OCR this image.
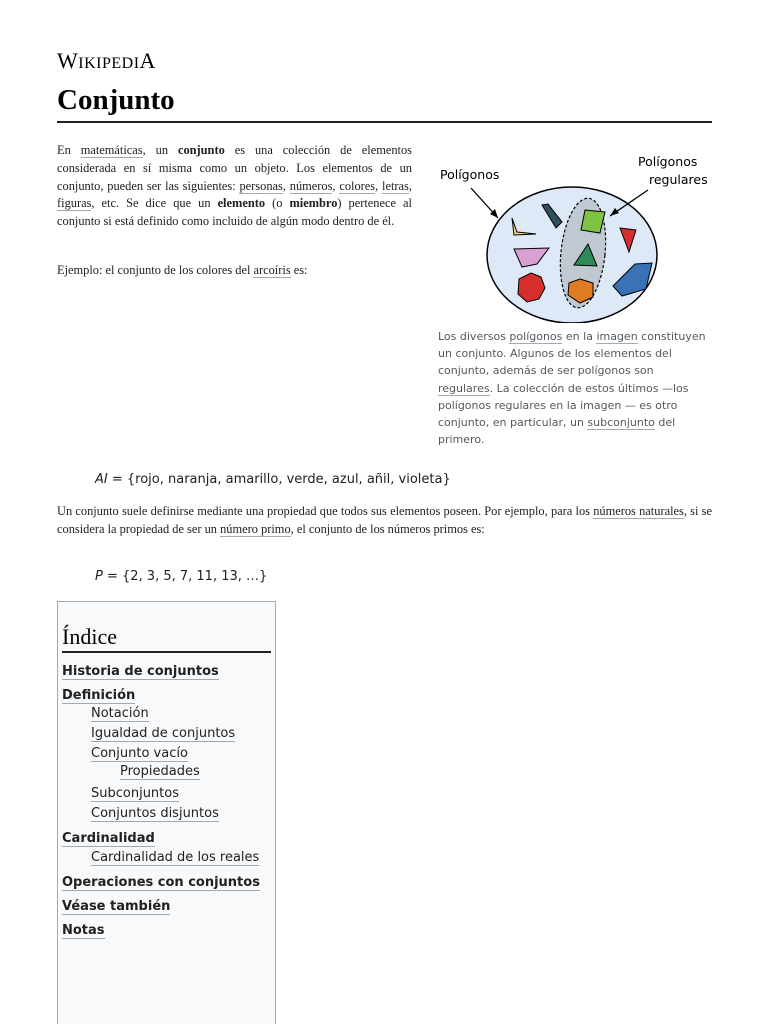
WIKIPEDIA
Conjunto

En matemáticas, un conjunto es una colección de elementos considerada en sí misma como un objeto. Los elementos de un conjunto, pueden ser las siguientes: personas, números, colores, letras, figuras, etc. Se dice que un elemento (o miembro) pertenece al conjunto si está definido como incluido de algún modo dentro de él.

Ejemplo: el conjunto de los colores del arcoíris es:

Polígonos
Polígonos
regulares

Los diversos polígonos en la imagen constituyen un conjunto. Algunos de los elementos del conjunto, además de ser polígonos son regulares. La colección de estos últimos —los polígonos regulares en la imagen — es otro conjunto, en particular, un subconjunto del primero.

AI = {rojo, naranja, amarillo, verde, azul, añil, violeta}

Un conjunto suele definirse mediante una propiedad que todos sus elementos poseen. Por ejemplo, para los números naturales, si se considera la propiedad de ser un número primo, el conjunto de los números primos es:

P = {2, 3, 5, 7, 11, 13, …}
Índice
Historia de conjuntos
Definición
Notación
Igualdad de conjuntos
Conjunto vacío
Propiedades
Subconjuntos
Conjuntos disjuntos
Cardinalidad
Cardinalidad de los reales
Operaciones con conjuntos
Véase también
Notas
